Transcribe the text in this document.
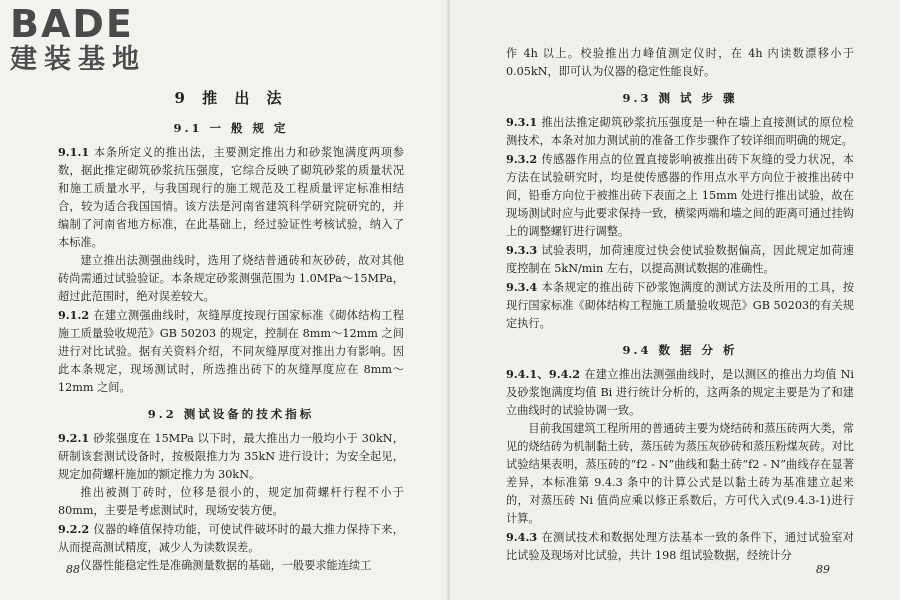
BADE
建装基地
9 推 出 法
9.1 一 般 规 定

9.1.1 本条所定义的推出法，主要测定推出力和砂浆饱满度两项参数，据此推定砌筑砂浆抗压强度，它综合反映了砌筑砂浆的质量状况和施工质量水平，与我国现行的施工规范及工程质量评定标准相结合，较为适合我国国情。该方法是河南省建筑科学研究院研究的，并编制了河南省地方标准，在此基础上，经过验证性考核试验，纳入了本标准。

建立推出法测强曲线时，选用了烧结普通砖和灰砂砖，故对其他砖尚需通过试验验证。本条规定砂浆测强范围为 1.0MPa～15MPa，超过此范围时，绝对误差较大。

9.1.2 在建立测强曲线时，灰缝厚度按现行国家标准《砌体结构工程施工质量验收规范》GB 50203 的规定，控制在 8mm～12mm 之间进行对比试验。据有关资料介绍，不同灰缝厚度对推出力有影响。因此本条规定，现场测试时，所选推出砖下的灰缝厚度应在 8mm～12mm 之间。

9.2 测试设备的技术指标

9.2.1 砂浆强度在 15MPa 以下时，最大推出力一般均小于 30kN，研制该套测试设备时，按极限推力为 35kN 进行设计；为安全起见，规定加荷螺杆施加的额定推力为 30kN。

推出被测丁砖时，位移是很小的，规定加荷螺杆行程不小于 80mm，主要是考虑测试时，现场安装方便。

9.2.2 仪器的峰值保持功能，可使试件破坏时的最大推力保持下来，从而提高测试精度，减少人为读数误差。

仪器性能稳定性是准确测量数据的基础，一般要求能连续工

88

作 4h 以上。校验推出力峰值测定仪时，在 4h 内读数漂移小于 0.05kN，即可认为仪器的稳定性能良好。

9.3 测 试 步 骤

9.3.1 推出法推定砌筑砂浆抗压强度是一种在墙上直接测试的原位检测技术，本条对加力测试前的准备工作步骤作了较详细而明确的规定。

9.3.2 传感器作用点的位置直接影响被推出砖下灰缝的受力状况，本方法在试验研究时，均是使传感器的作用点水平方向位于被推出砖中间，铅垂方向位于被推出砖下表面之上 15mm 处进行推出试验，故在现场测试时应与此要求保持一致，横梁两端和墙之间的距离可通过挂钩上的调整螺钉进行调整。

9.3.3 试验表明，加荷速度过快会使试验数据偏高，因此规定加荷速度控制在 5kN/min 左右，以提高测试数据的准确性。

9.3.4 本条规定的推出砖下砂浆饱满度的测试方法及所用的工具，按现行国家标准《砌体结构工程施工质量验收规范》GB 50203的有关规定执行。

9.4 数 据 分 析

9.4.1、9.4.2 在建立推出法测强曲线时，是以测区的推出力均值 Ni 及砂浆饱满度均值 Bi 进行统计分析的，这两条的规定主要是为了和建立曲线时的试验协调一致。

目前我国建筑工程所用的普通砖主要为烧结砖和蒸压砖两大类，常见的烧结砖为机制黏土砖，蒸压砖为蒸压灰砂砖和蒸压粉煤灰砖。对比试验结果表明，蒸压砖的“f2 - N”曲线和黏土砖“f2 - N”曲线存在显著差异，本标准第 9.4.3 条中的计算公式是以黏土砖为基准建立起来的，对蒸压砖 Ni 值尚应乘以修正系数后，方可代入式(9.4.3-1)进行计算。

9.4.3 在测试技术和数据处理方法基本一致的条件下，通过试验室对比试验及现场对比试验，共计 198 组试验数据，经统计分

89
